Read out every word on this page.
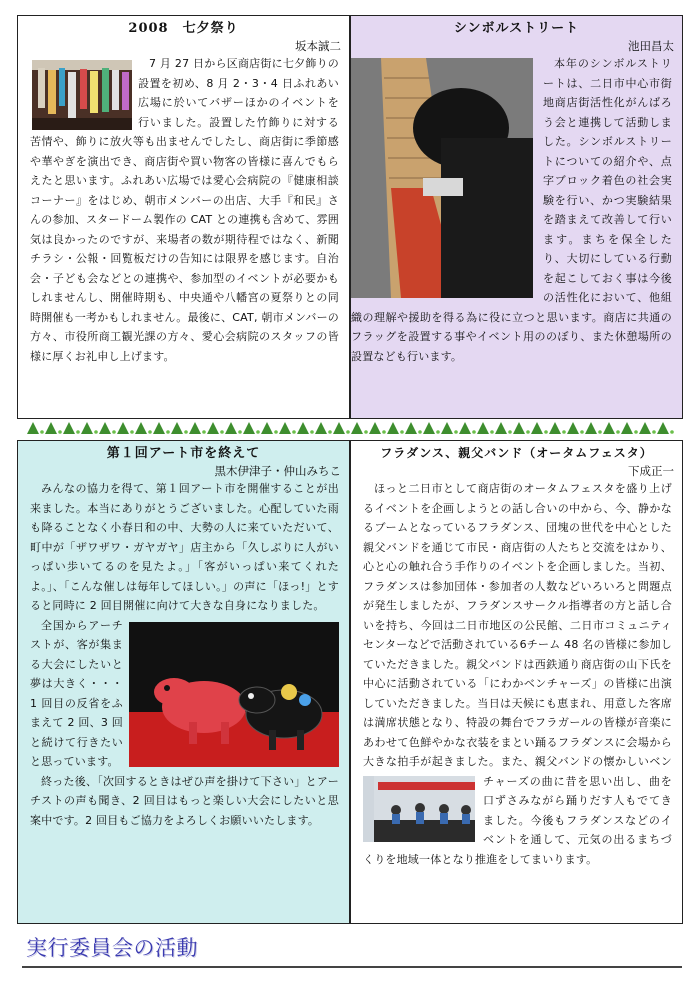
2008　七夕祭り
坂本誠二

7 月 27 日から区商店街に七夕飾りの設置を初め、8 月 2・3・4 日ふれあい広場に於いてバザーほかのイベントを行いました。設置した竹飾りに対する苦情や、飾りに放火等も出ませんでしたし、商店街に季節感や華やぎを演出でき、商店街や買い物客の皆様に喜んでもらえたと思います。ふれあい広場では愛心会病院の『健康相談コーナー』をはじめ、朝市メンバーの出店、大手『和民』さんの参加、スタードーム製作の CAT との連携も含めて、雰囲気は良かったのですが、来場者の数が期待程ではなく、新聞チラシ・公報・回覧板だけの告知には限界を感じます。自治会・子ども会などとの連携や、参加型のイベントが必要かもしれませんし、開催時期も、中央通や八幡宮の夏祭りとの同時開催も一考かもしれません。最後に、CAT, 朝市メンバーの方々、市役所商工観光課の方々、愛心会病院のスタッフの皆様に厚くお礼申し上げます。

シンボルストリート
池田昌太

本年のシンボルストリートは、二日市中心市街地商店街活性化がんばろう会と連携して活動しました。シンボルストリートについての紹介や、点字ブロック着色の社会実験を行い、かつ実験結果を踏まえて改善して行います。まちを保全したり、大切にしている行動を起こしておく事は今後の活性化において、他組織の理解や援助を得る為に役に立つと思います。商店に共通のフラッグを設置する事やイベント用ののぼり、また休憩場所の設置なども行います。

第１回アート市を終えて
黒木伊津子・仲山みちこ

みんなの協力を得て、第１回アート市を開催することが出来ました。本当にありがとうございました。心配していた雨も降ることなく小春日和の中、大勢の人に来ていただいて、町中が「ザワザワ・ガヤガヤ」店主から「久しぶりに人がいっぱい歩いてるのを見たよ。」「客がいっぱい来てくれたよ。」、「こんな催しは毎年してほしい。」の声に「ほっ!」とすると同時に 2 回目開催に向けて大きな自身になりました。

全国からアーチストが、客が集まる大会にしたいと夢は大きく・・・1 回目の反省をふまえて 2 回、3 回と続けて行きたいと思っています。

終った後、「次回するときはぜひ声を掛けて下さい」とアーチストの声も聞き、2 回目はもっと楽しい大会にしたいと思案中です。2 回目もご協力をよろしくお願いいたします。

フラダンス、親父バンド（オータムフェスタ）
下成正一

ほっと二日市として商店街のオータムフェスタを盛り上げるイベントを企画しようとの話し合いの中から、今、静かなるブームとなっているフラダンス、団塊の世代を中心とした親父バンドを通じて市民・商店街の人たちと交流をはかり、心と心の触れ合う手作りのイベントを企画しました。当初、フラダンスは参加団体・参加者の人数などいろいろと問題点が発生しましたが、フラダンスサークル指導者の方と話し合いを持ち、今回は二日市地区の公民館、二日市コミュニティセンターなどで活動されている6チーム 48 名の皆様に参加していただきました。親父バンドは西鉄通り商店街の山下氏を中心に活動されている「にわかベンチャーズ」の皆様に出演していただきました。当日は天候にも恵まれ、用意した客席は満席状態となり、特設の舞台でフラガールの皆様が音楽にあわせて色鮮やかな衣装をまとい踊るフラダンスに会場から大きな拍手が起きました。また、親父バンドの懐かしいベンチャーズの曲に
昔を思い出し、曲を口ずさみながら踊りだす人もでてきました。今後もフラダンスなどのイベントを通して、元気の出るまちづくりを地域一体となり推進をしてまいります。

実行委員会の活動
